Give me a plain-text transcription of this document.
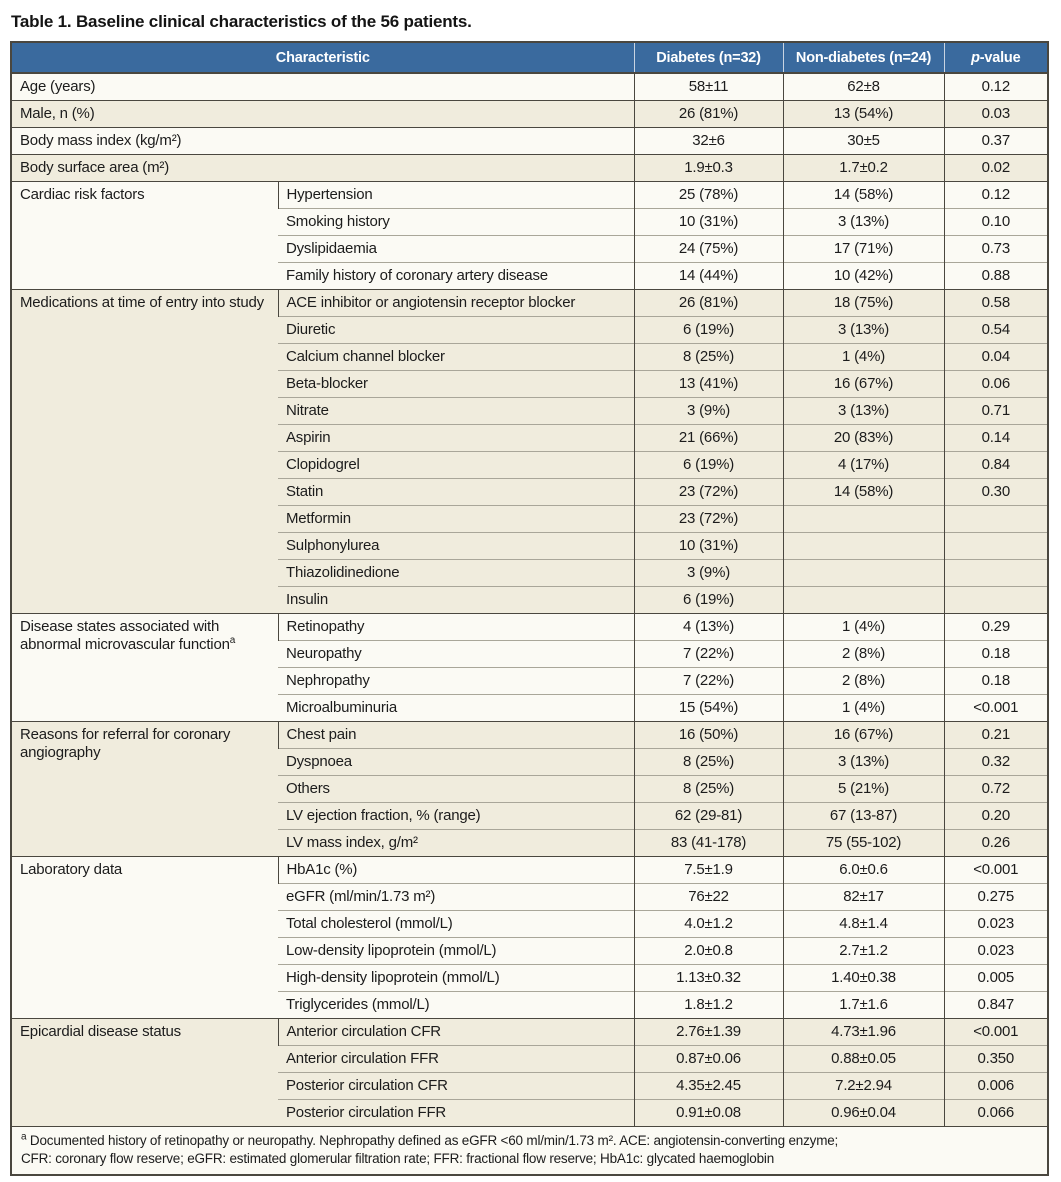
Table 1. Baseline clinical characteristics of the 56 patients.
Characteristic		Diabetes (n=32)	Non-diabetes (n=24)	p-value
Age (years)		58±11	62±8	0.12
Male, n (%)		26 (81%)	13 (54%)	0.03
Body mass index (kg/m²)		32±6	30±5	0.37
Body surface area (m²)		1.9±0.3	1.7±0.2	0.02
Cardiac risk factors	Hypertension	25 (78%)	14 (58%)	0.12
	Smoking history	10 (31%)	3 (13%)	0.10
	Dyslipidaemia	24 (75%)	17 (71%)	0.73
	Family history of coronary artery disease	14 (44%)	10 (42%)	0.88
Medications at time of entry into study	ACE inhibitor or angiotensin receptor blocker	26 (81%)	18 (75%)	0.58
	Diuretic	6 (19%)	3 (13%)	0.54
	Calcium channel blocker	8 (25%)	1 (4%)	0.04
	Beta-blocker	13 (41%)	16 (67%)	0.06
	Nitrate	3 (9%)	3 (13%)	0.71
	Aspirin	21 (66%)	20 (83%)	0.14
	Clopidogrel	6 (19%)	4 (17%)	0.84
	Statin	23 (72%)	14 (58%)	0.30
	Metformin	23 (72%)		
	Sulphonylurea	10 (31%)		
	Thiazolidinedione	3 (9%)		
	Insulin	6 (19%)		
Disease states associated with abnormal microvascular function$^a$	Retinopathy	4 (13%)	1 (4%)	0.29
	Neuropathy	7 (22%)	2 (8%)	0.18
	Nephropathy	7 (22%)	2 (8%)	0.18
	Microalbuminuria	15 (54%)	1 (4%)	<0.001
Reasons for referral for coronary angiography	Chest pain	16 (50%)	16 (67%)	0.21
	Dyspnoea	8 (25%)	3 (13%)	0.32
	Others	8 (25%)	5 (21%)	0.72
	LV ejection fraction, % (range)	62 (29-81)	67 (13-87)	0.20
	LV mass index, g/m²	83 (41-178)	75 (55-102)	0.26
Laboratory data	HbA1c (%)	7.5±1.9	6.0±0.6	<0.001
	eGFR (ml/min/1.73 m²)	76±22	82±17	0.275
	Total cholesterol (mmol/L)	4.0±1.2	4.8±1.4	0.023
	Low-density lipoprotein (mmol/L)	2.0±0.8	2.7±1.2	0.023
	High-density lipoprotein (mmol/L)	1.13±0.32	1.40±0.38	0.005
	Triglycerides (mmol/L)	1.8±1.2	1.7±1.6	0.847
Epicardial disease status	Anterior circulation CFR	2.76±1.39	4.73±1.96	<0.001
	Anterior circulation FFR	0.87±0.06	0.88±0.05	0.350
	Posterior circulation CFR	4.35±2.45	7.2±2.94	0.006
	Posterior circulation FFR	0.91±0.08	0.96±0.04	0.066

$^a$ Documented history of retinopathy or neuropathy. Nephropathy defined as eGFR <60 ml/min/1.73 m². ACE: angiotensin-converting enzyme;
CFR: coronary flow reserve; eGFR: estimated glomerular filtration rate; FFR: fractional flow reserve; HbA1c: glycated haemoglobin				
